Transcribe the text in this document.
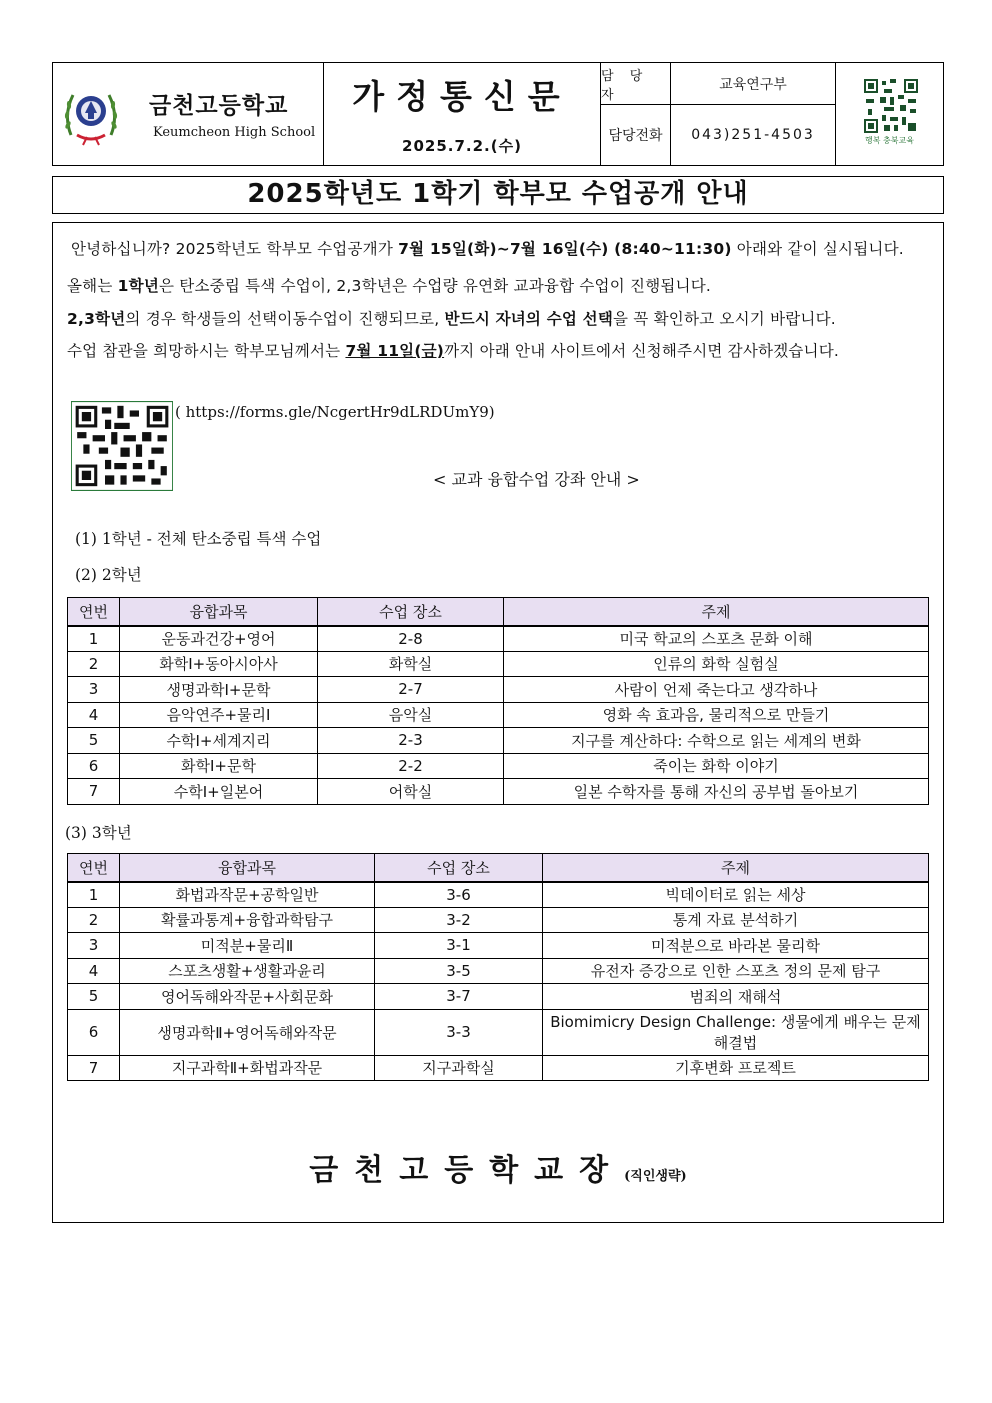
금천고등학교
Keumcheon High School
가정통신문
2025.7.2.(수)
담 당 자
교육연구부
담당전화	043)251-4503	행복 충북교육
2025학년도 1학기 학부모 수업공개 안내
안녕하십니까? 2025학년도 학부모 수업공개가 7월 15일(화)~7월 16일(수) (8:40~11:30) 아래와 같이 실시됩니다.
올해는 1학년은 탄소중립 특색 수업이, 2,3학년은 수업량 유연화 교과융합 수업이 진행됩니다.
2,3학년의 경우 학생들의 선택이동수업이 진행되므로, 반드시 자녀의 수업 선택을 꼭 확인하고 오시기 바랍니다.
수업 참관을 희망하시는 학부모님께서는 7월 11일(금)까지 아래 안내 사이트에서 신청해주시면 감사하겠습니다.
( https://forms.gle/NcgertHr9dLRDUmY9)
< 교과 융합수업 강좌 안내 >
(1) 1학년 - 전체 탄소중립 특색 수업
(2) 2학년
연번	융합과목	수업 장소	주제
1	운동과건강+영어	2-8	미국 학교의 스포츠 문화 이해
2	화학Ⅰ+동아시아사	화학실	인류의 화학 실험실
3	생명과학Ⅰ+문학	2-7	사람이 언제 죽는다고 생각하나
4	음악연주+물리Ⅰ	음악실	영화 속 효과음, 물리적으로 만들기
5	수학Ⅰ+세계지리	2-3	지구를 계산하다: 수학으로 읽는 세계의 변화
6	화학Ⅰ+문학	2-2	죽이는 화학 이야기
7	수학Ⅰ+일본어	어학실	일본 수학자를 통해 자신의 공부법 돌아보기
(3) 3학년
연번	융합과목	수업 장소	주제
1	화법과작문+공학일반	3-6	빅데이터로 읽는 세상
2	확률과통계+융합과학탐구	3-2	통계 자료 분석하기
3	미적분+물리Ⅱ	3-1	미적분으로 바라본 물리학
4	스포츠생활+생활과윤리	3-5	유전자 증강으로 인한 스포츠 정의 문제 탐구
5	영어독해와작문+사회문화	3-7	범죄의 재해석
6	생명과학Ⅱ+영어독해와작문	3-3	Biomimicry Design Challenge: 생물에게 배우는 문제 해결법
7	지구과학Ⅱ+화법과작문	지구과학실	기후변화 프로젝트
금천고등학교장(직인생략)
